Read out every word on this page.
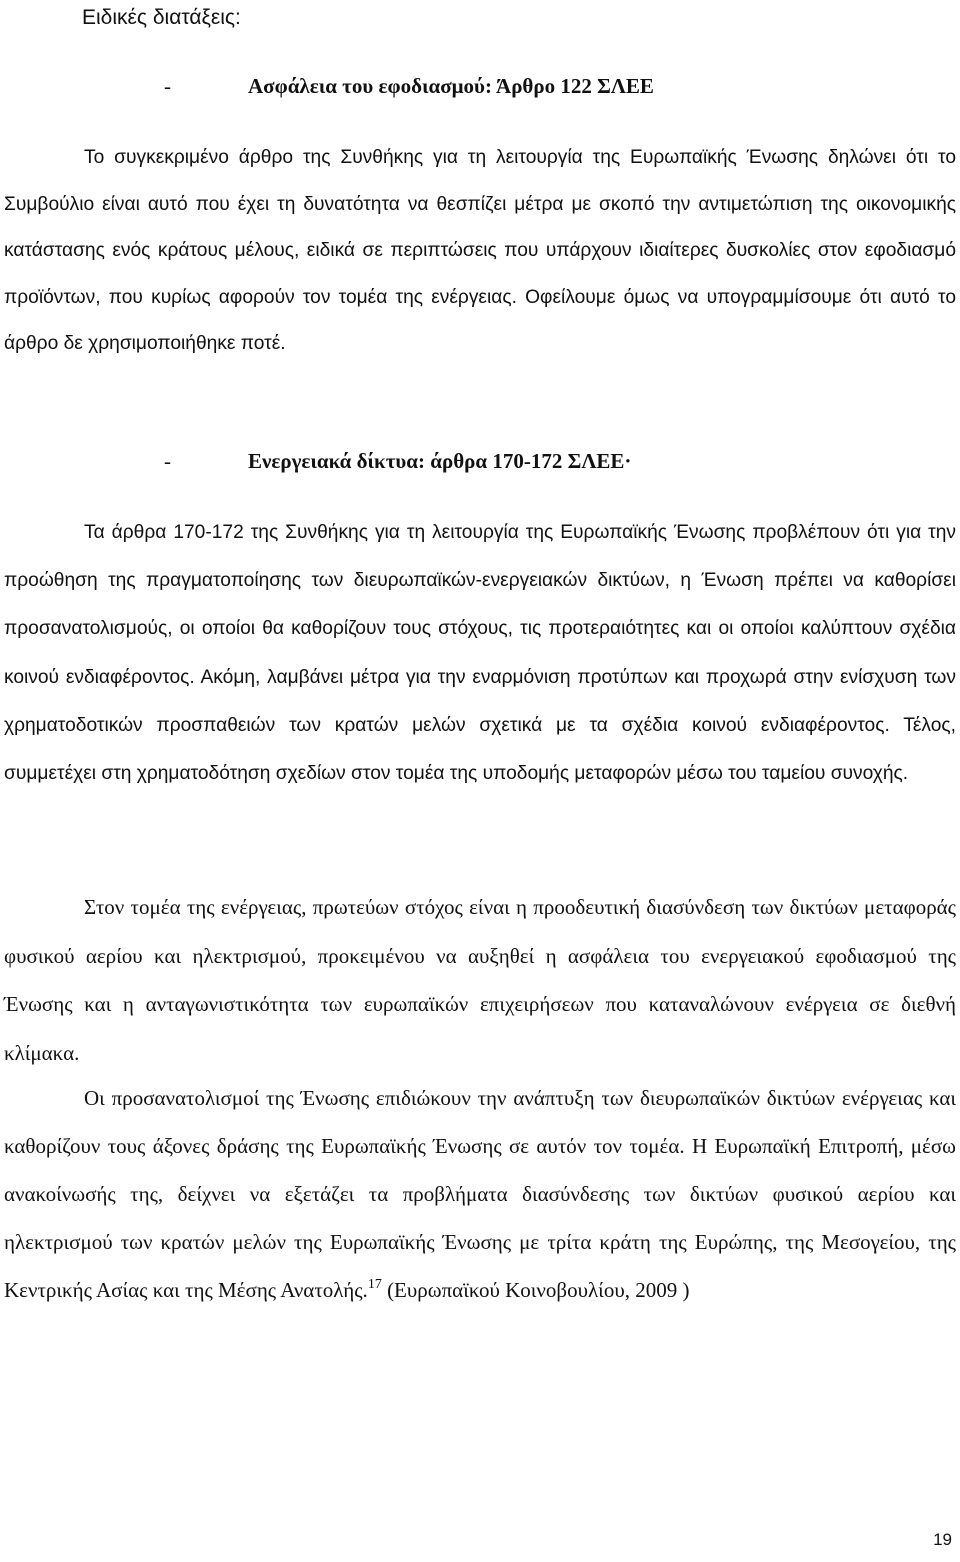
Ειδικές διατάξεις:
-	Ασφάλεια του εφοδιασμού: Άρθρο 122 ΣΛΕΕ

Το συγκεκριμένο άρθρο της Συνθήκης για τη λειτουργία της Ευρωπαϊκής Ένωσης δηλώνει ότι το Συμβούλιο είναι αυτό που έχει τη δυνατότητα να θεσπίζει μέτρα με σκοπό την αντιμετώπιση της οικονομικής κατάστασης ενός κράτους μέλους, ειδικά σε περιπτώσεις που υπάρχουν ιδιαίτερες δυσκολίες στον εφοδιασμό προϊόντων, που κυρίως αφορούν τον τομέα της ενέργειας. Οφείλουμε όμως να υπογραμμίσουμε ότι αυτό το άρθρο δε χρησιμοποιήθηκε ποτέ.

-	Ενεργειακά δίκτυα: άρθρα 170-172 ΣΛΕΕ·

Τα άρθρα 170-172 της Συνθήκης για τη λειτουργία της Ευρωπαϊκής Ένωσης προβλέπουν ότι για την προώθηση της πραγματοποίησης των διευρωπαϊκών-ενεργειακών δικτύων, η Ένωση πρέπει να καθορίσει προσανατολισμούς, οι οποίοι θα καθορίζουν τους στόχους, τις προτεραιότητες και οι οποίοι καλύπτουν σχέδια κοινού ενδιαφέροντος. Ακόμη, λαμβάνει μέτρα για την εναρμόνιση προτύπων και προχωρά στην ενίσχυση των χρηματοδοτικών προσπαθειών των κρατών μελών σχετικά με τα σχέδια κοινού ενδιαφέροντος. Τέλος, συμμετέχει στη χρηματοδότηση σχεδίων στον τομέα της υποδομής μεταφορών μέσω του ταμείου συνοχής.

Στον τομέα της ενέργειας, πρωτεύων στόχος είναι η προοδευτική διασύνδεση των δικτύων μεταφοράς φυσικού αερίου και ηλεκτρισμού, προκειμένου να αυξηθεί η ασφάλεια του ενεργειακού εφοδιασμού της Ένωσης και η ανταγωνιστικότητα των ευρωπαϊκών επιχειρήσεων που καταναλώνουν ενέργεια σε διεθνή κλίμακα.

Οι προσανατολισμοί της Ένωσης επιδιώκουν την ανάπτυξη των διευρωπαϊκών δικτύων ενέργειας και καθορίζουν τους άξονες δράσης της Ευρωπαϊκής Ένωσης σε αυτόν τον τομέα. Η Ευρωπαϊκή Επιτροπή, μέσω ανακοίνωσής της, δείχνει να εξετάζει τα προβλήματα διασύνδεσης των δικτύων φυσικού αερίου και ηλεκτρισμού των κρατών μελών της Ευρωπαϊκής Ένωσης με τρίτα κράτη της Ευρώπης, της Μεσογείου, της Κεντρικής Ασίας και της Μέσης Ανατολής.$^{17}$ (Ευρωπαϊκού Κοινοβουλίου, 2009 )

19
